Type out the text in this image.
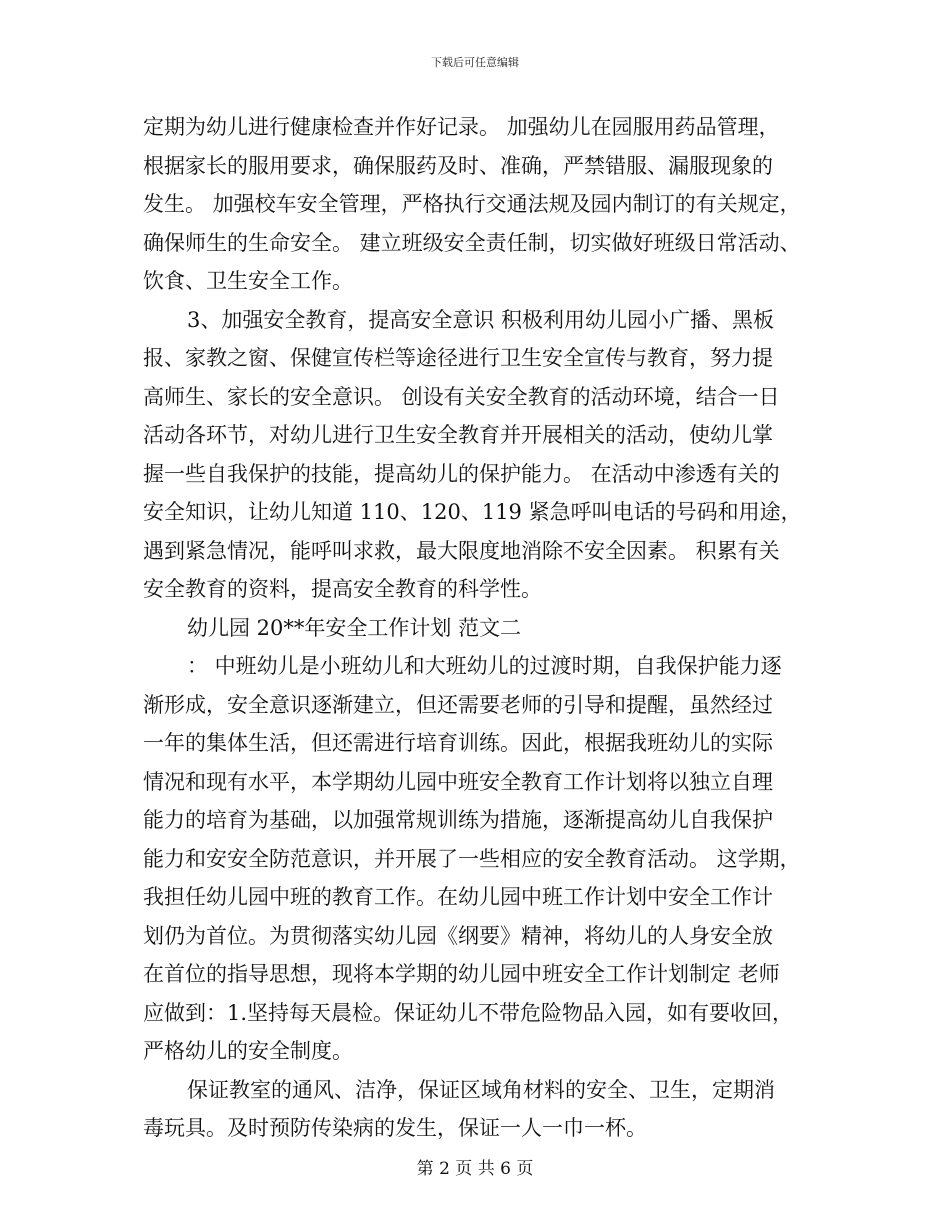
下载后可任意编辑
定期为幼儿进行健康检查并作好记录。 加强幼儿在园服用药品管理，
根据家长的服用要求，确保服药及时、准确，严禁错服、漏服现象的
发生。 加强校车安全管理，严格执行交通法规及园内制订的有关规定，
确保师生的生命安全。 建立班级安全责任制，切实做好班级日常活动、
饮食、卫生安全工作。
3、加强安全教育，提高安全意识 积极利用幼儿园小广播、黑板
报、家教之窗、保健宣传栏等途径进行卫生安全宣传与教育，努力提
高师生、家长的安全意识。 创设有关安全教育的活动环境，结合一日
活动各环节，对幼儿进行卫生安全教育并开展相关的活动，使幼儿掌
握一些自我保护的技能，提高幼儿的保护能力。 在活动中渗透有关的
安全知识，让幼儿知道 110、120、119 紧急呼叫电话的号码和用途，
遇到紧急情况，能呼叫求救，最大限度地消除不安全因素。 积累有关
安全教育的资料，提高安全教育的科学性。
幼儿园 20**年安全工作计划 范文二
： 中班幼儿是小班幼儿和大班幼儿的过渡时期，自我保护能力逐
渐形成，安全意识逐渐建立，但还需要老师的引导和提醒，虽然经过
一年的集体生活，但还需进行培育训练。因此，根据我班幼儿的实际
情况和现有水平，本学期幼儿园中班安全教育工作计划将以独立自理
能力的培育为基础，以加强常规训练为措施，逐渐提高幼儿自我保护
能力和安安全防范意识，并开展了一些相应的安全教育活动。 这学期，
我担任幼儿园中班的教育工作。在幼儿园中班工作计划中安全工作计
划仍为首位。为贯彻落实幼儿园《纲要》精神，将幼儿的人身安全放
在首位的指导思想，现将本学期的幼儿园中班安全工作计划制定 老师
应做到：1.坚持每天晨检。保证幼儿不带危险物品入园，如有要收回，
严格幼儿的安全制度。
保证教室的通风、洁净，保证区域角材料的安全、卫生，定期消
毒玩具。及时预防传染病的发生，保证一人一巾一杯。
第 2 页 共 6 页
